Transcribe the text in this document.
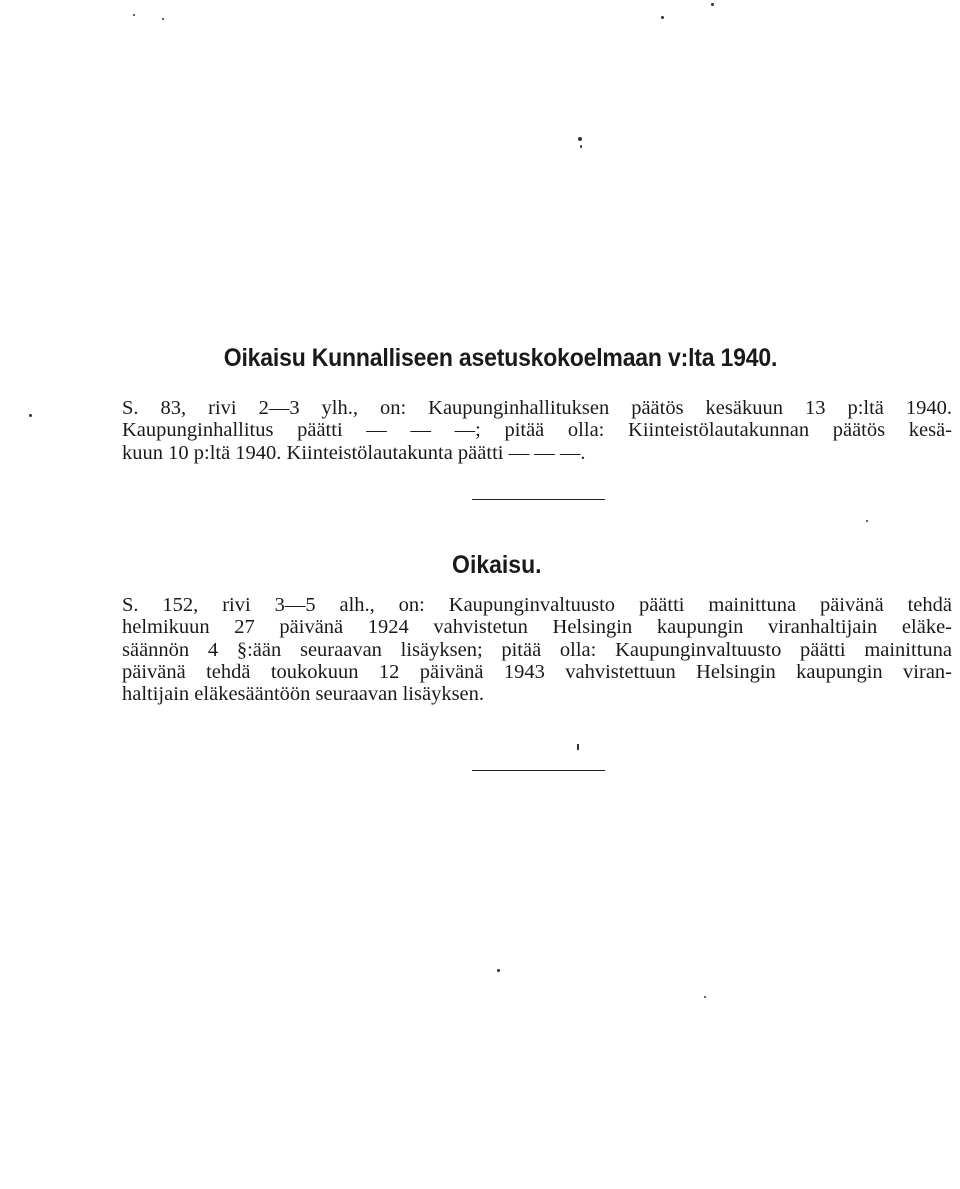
Oikaisu Kunnalliseen asetuskokoelmaan v:lta 1940.
S. 83, rivi 2—3 ylh., on: Kaupunginhallituksen päätös kesäkuun 13 p:ltä 1940.
Kaupunginhallitus päätti — — —; pitää olla: Kiinteistölautakunnan päätös kesä-
kuun 10 p:ltä 1940. Kiinteistölautakunta päätti — — —.
Oikaisu.
S. 152, rivi 3—5 alh., on: Kaupunginvaltuusto päätti mainittuna päivänä tehdä
helmikuun 27 päivänä 1924 vahvistetun Helsingin kaupungin viranhaltijain eläke-
säännön 4 §:ään seuraavan lisäyksen; pitää olla: Kaupunginvaltuusto päätti mainittuna
päivänä tehdä toukokuun 12 päivänä 1943 vahvistettuun Helsingin kaupungin viran-
haltijain eläkesääntöön seuraavan lisäyksen.
